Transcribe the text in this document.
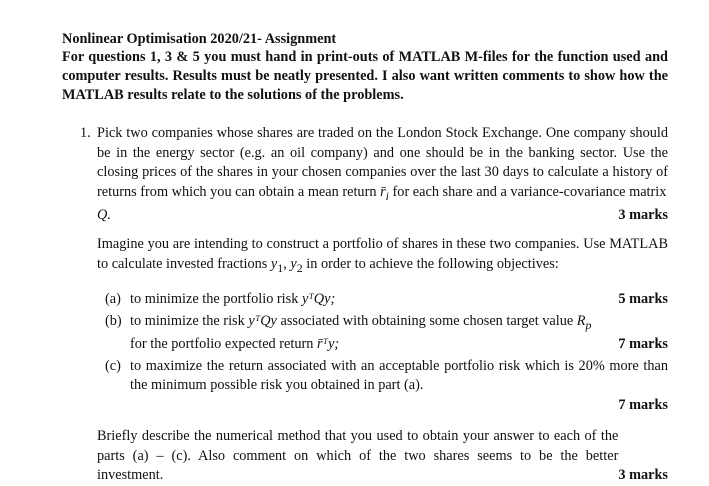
Nonlinear Optimisation 2020/21- Assignment

For questions 1, 3 & 5 you must hand in print-outs of MATLAB M-files for the function used and computer results. Results must be neatly presented. I also want written comments to show how the MATLAB results relate to the solutions of the problems.

1. Pick two companies whose shares are traded on the London Stock Exchange. One company should be in the energy sector (e.g. an oil company) and one should be in the banking sector. Use the closing prices of the shares in your chosen companies over the last 30 days to calculate a history of returns from which you can obtain a mean return $r̄_i$ for each share and a variance-covariance matrix

Q.	3 marks

Imagine you are intending to construct a portfolio of shares in these two companies. Use MATLAB to calculate invested fractions $y_1$, $y_2$ in order to achieve the following objectives:

(a) to minimize the portfolio risk yᵀQy;	5 marks
(b) to minimize the risk yᵀQy associated with obtaining some chosen target value $R_p$

for the portfolio expected return r̄ᵀy;	7 marks
(c) to maximize the return associated with an acceptable portfolio risk which is 20% more than the minimum possible risk you obtained in part (a).

7 marks
Briefly describe the numerical method that you used to obtain your answer to each of the parts (a) – (c). Also comment on which of the two shares seems to be the better investment.	3 marks
